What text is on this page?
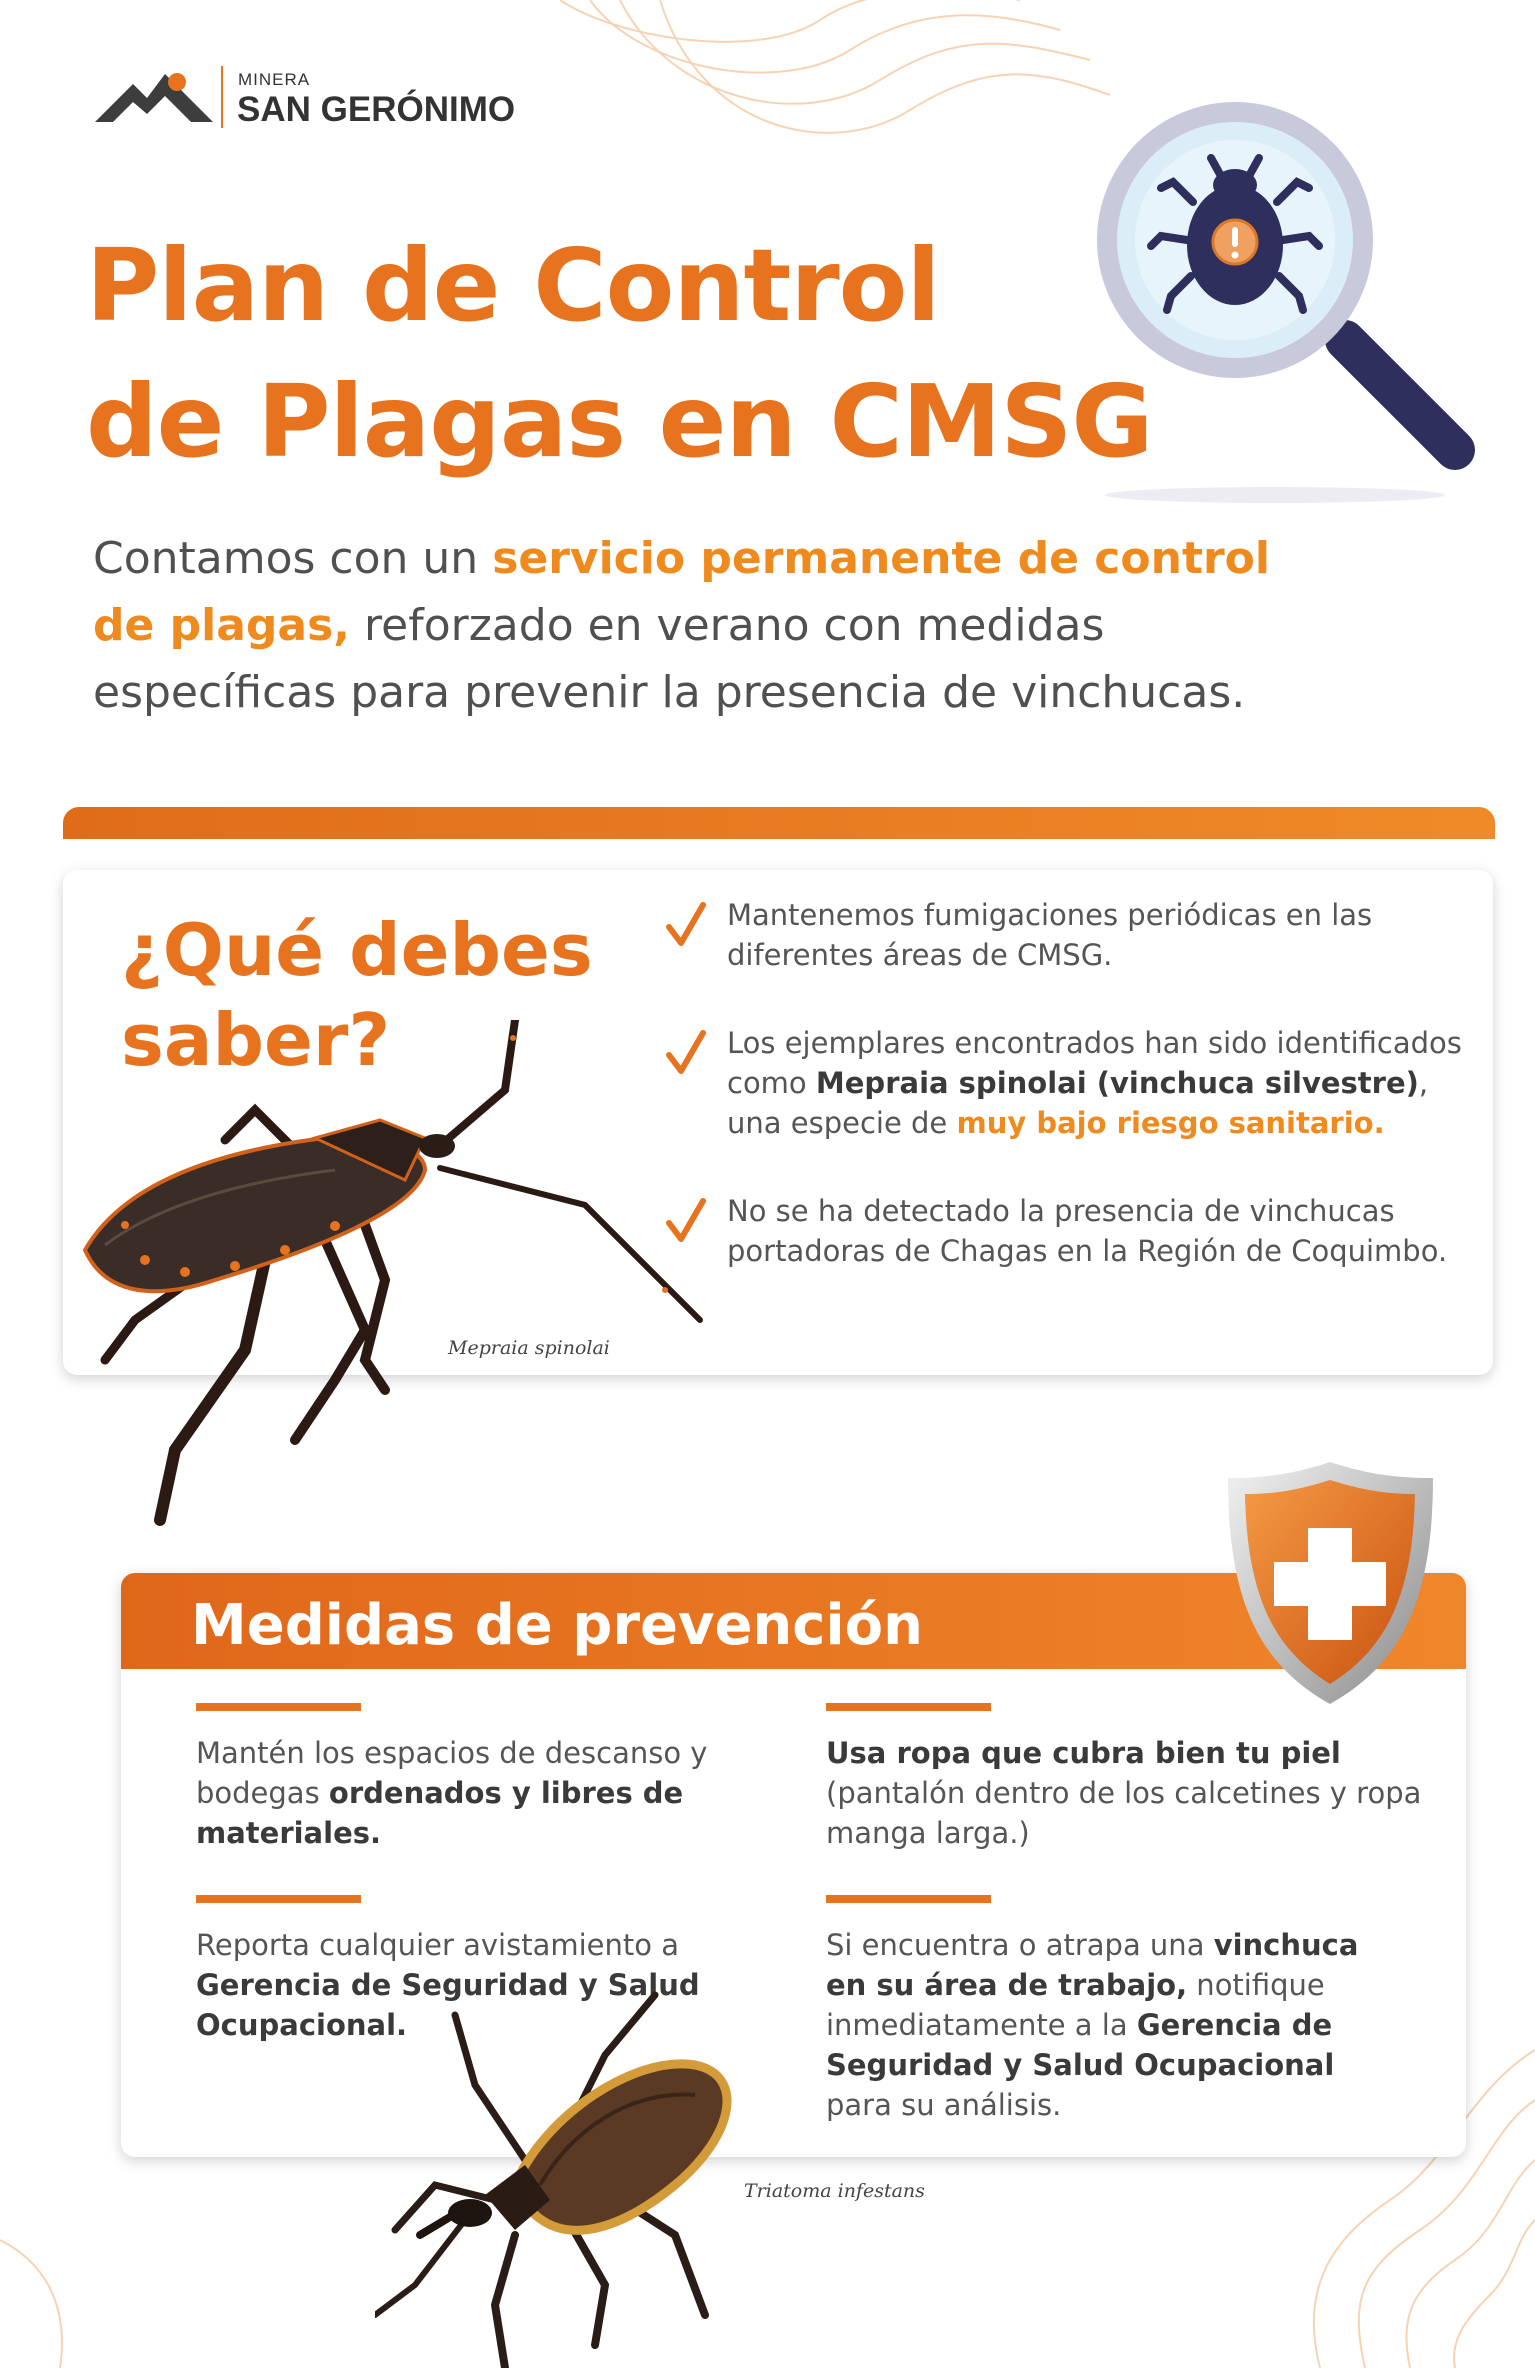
MINERA
SAN GERÓNIMO
Plan de Control
de Plagas en CMSG

Contamos con un servicio permanente de control de plagas, reforzado en verano con medidas específicas para prevenir la presencia de vinchucas.

¿Qué debes
saber?
Mepraia spinolai
Mantenemos fumigaciones periódicas en las diferentes áreas de CMSG.
Los ejemplares encontrados han sido identificados como Mepraia spinolai (vinchuca silvestre), una especie de muy bajo riesgo sanitario.
No se ha detectado la presencia de vinchucas portadoras de Chagas en la Región de Coquimbo.
Medidas de prevención
Mantén los espacios de descanso y bodegas ordenados y libres de materiales.
Usa ropa que cubra bien tu piel (pantalón dentro de los calcetines y ropa manga larga.)
Reporta cualquier avistamiento a Gerencia de Seguridad y Salud Ocupacional.
Si encuentra o atrapa una vinchuca en su área de trabajo, notifique inmediatamente a la Gerencia de Seguridad y Salud Ocupacional para su análisis.
Triatoma infestans
